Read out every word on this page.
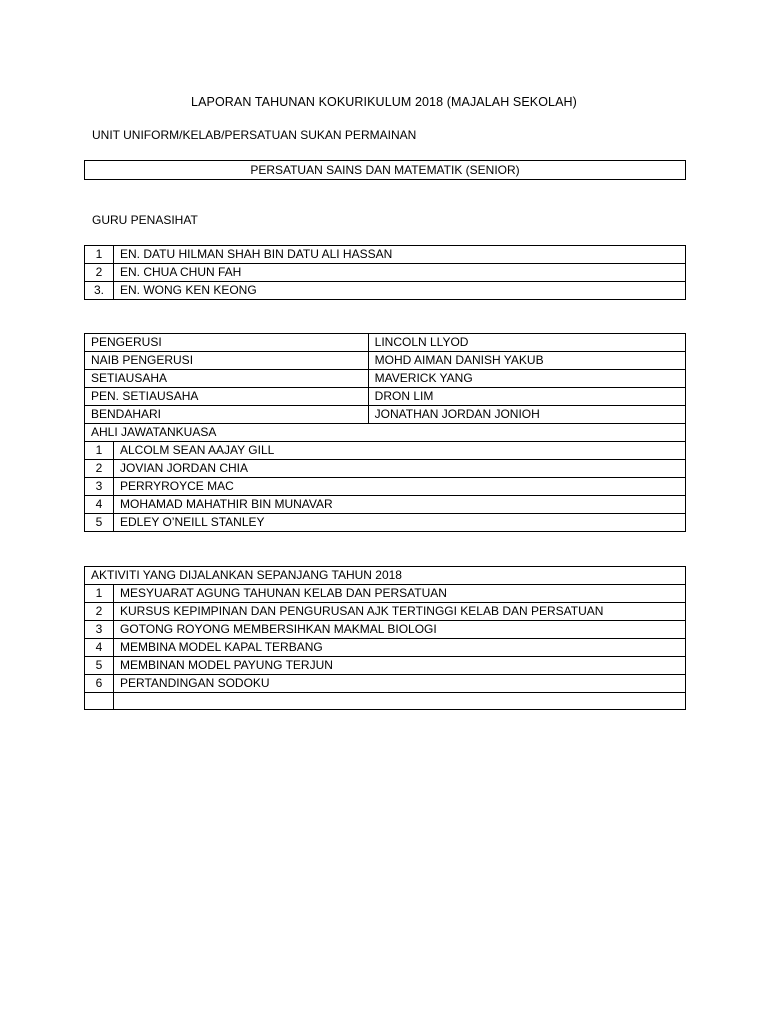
LAPORAN TAHUNAN KOKURIKULUM 2018 (MAJALAH SEKOLAH)
UNIT UNIFORM/KELAB/PERSATUAN SUKAN PERMAINAN
PERSATUAN SAINS DAN MATEMATIK (SENIOR)
GURU PENASIHAT
1	EN. DATU HILMAN SHAH BIN DATU ALI HASSAN
2	EN. CHUA CHUN FAH
3.	EN. WONG KEN KEONG
PENGERUSI		LINCOLN LLYOD
NAIB PENGERUSI		MOHD AIMAN DANISH YAKUB
SETIAUSAHA		MAVERICK YANG
PEN. SETIAUSAHA		DRON LIM
BENDAHARI		JONATHAN JORDAN JONIOH
AHLI JAWATANKUASA		
1	ALCOLM SEAN AAJAY GILL	
2	JOVIAN JORDAN CHIA	
3	PERRYROYCE MAC	
4	MOHAMAD MAHATHIR BIN MUNAVAR	
5	EDLEY O’NEILL STANLEY	
AKTIVITI YANG DIJALANKAN SEPANJANG TAHUN 2018	
1	MESYUARAT AGUNG TAHUNAN KELAB DAN PERSATUAN
2	KURSUS KEPIMPINAN DAN PENGURUSAN AJK TERTINGGI KELAB DAN PERSATUAN
3	GOTONG ROYONG MEMBERSIHKAN MAKMAL BIOLOGI
4	MEMBINA MODEL KAPAL TERBANG
5	MEMBINAN MODEL PAYUNG TERJUN
6	PERTANDINGAN SODOKU
